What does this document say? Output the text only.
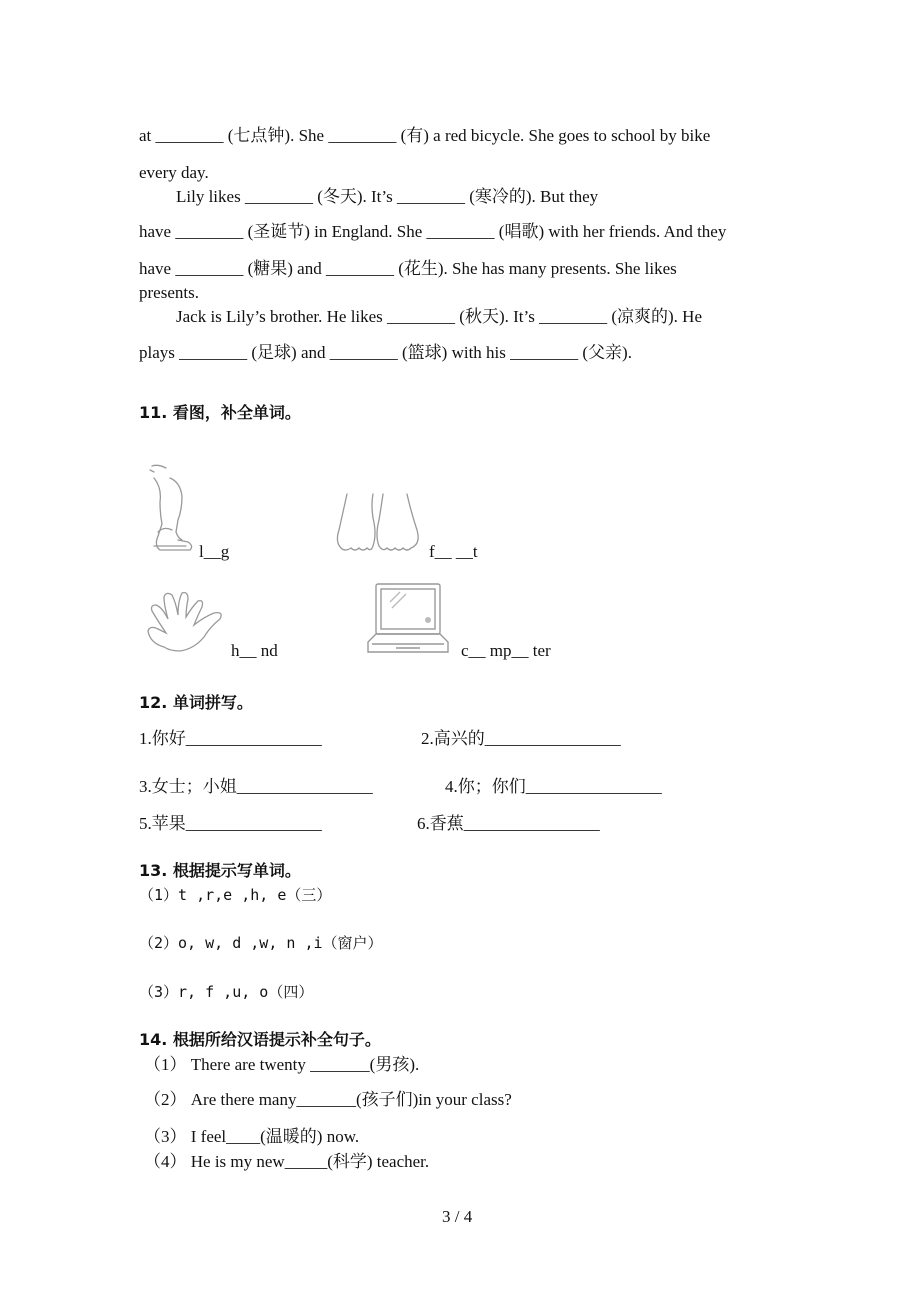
at ________ (七点钟). She ________ (有) a red bicycle. She goes to school by bike
every day.
Lily likes ________ (冬天). It’s ________ (寒冷的). But they
have ________ (圣诞节) in England. She ________ (唱歌) with her friends. And they
have ________ (糖果) and ________ (花生). She has many presents. She likes
presents.
Jack is Lily’s brother. He likes ________ (秋天). It’s ________ (凉爽的). He
plays ________ (足球) and ________ (篮球) with his ________ (父亲).
11. 看图，补全单词。
l__g	f__ __t
h__ nd	c__ mp__ ter
12. 单词拼写。
1.你好________________	2.高兴的________________
3.女士；小姐________________	4.你；你们________________
5.苹果________________	6.香蕉________________
13. 根据提示写单词。
（1）t ,r,e ,h, e（三）
（2）o, w, d ,w, n ,i（窗户）
（3）r, f ,u, o（四）
14. 根据所给汉语提示补全句子。
（1） There are twenty _______(男孩).
（2） Are there many_______(孩子们)in your class?
（3） I feel____(温暖的) now.
（4） He is my new_____(科学) teacher.
3 / 4
